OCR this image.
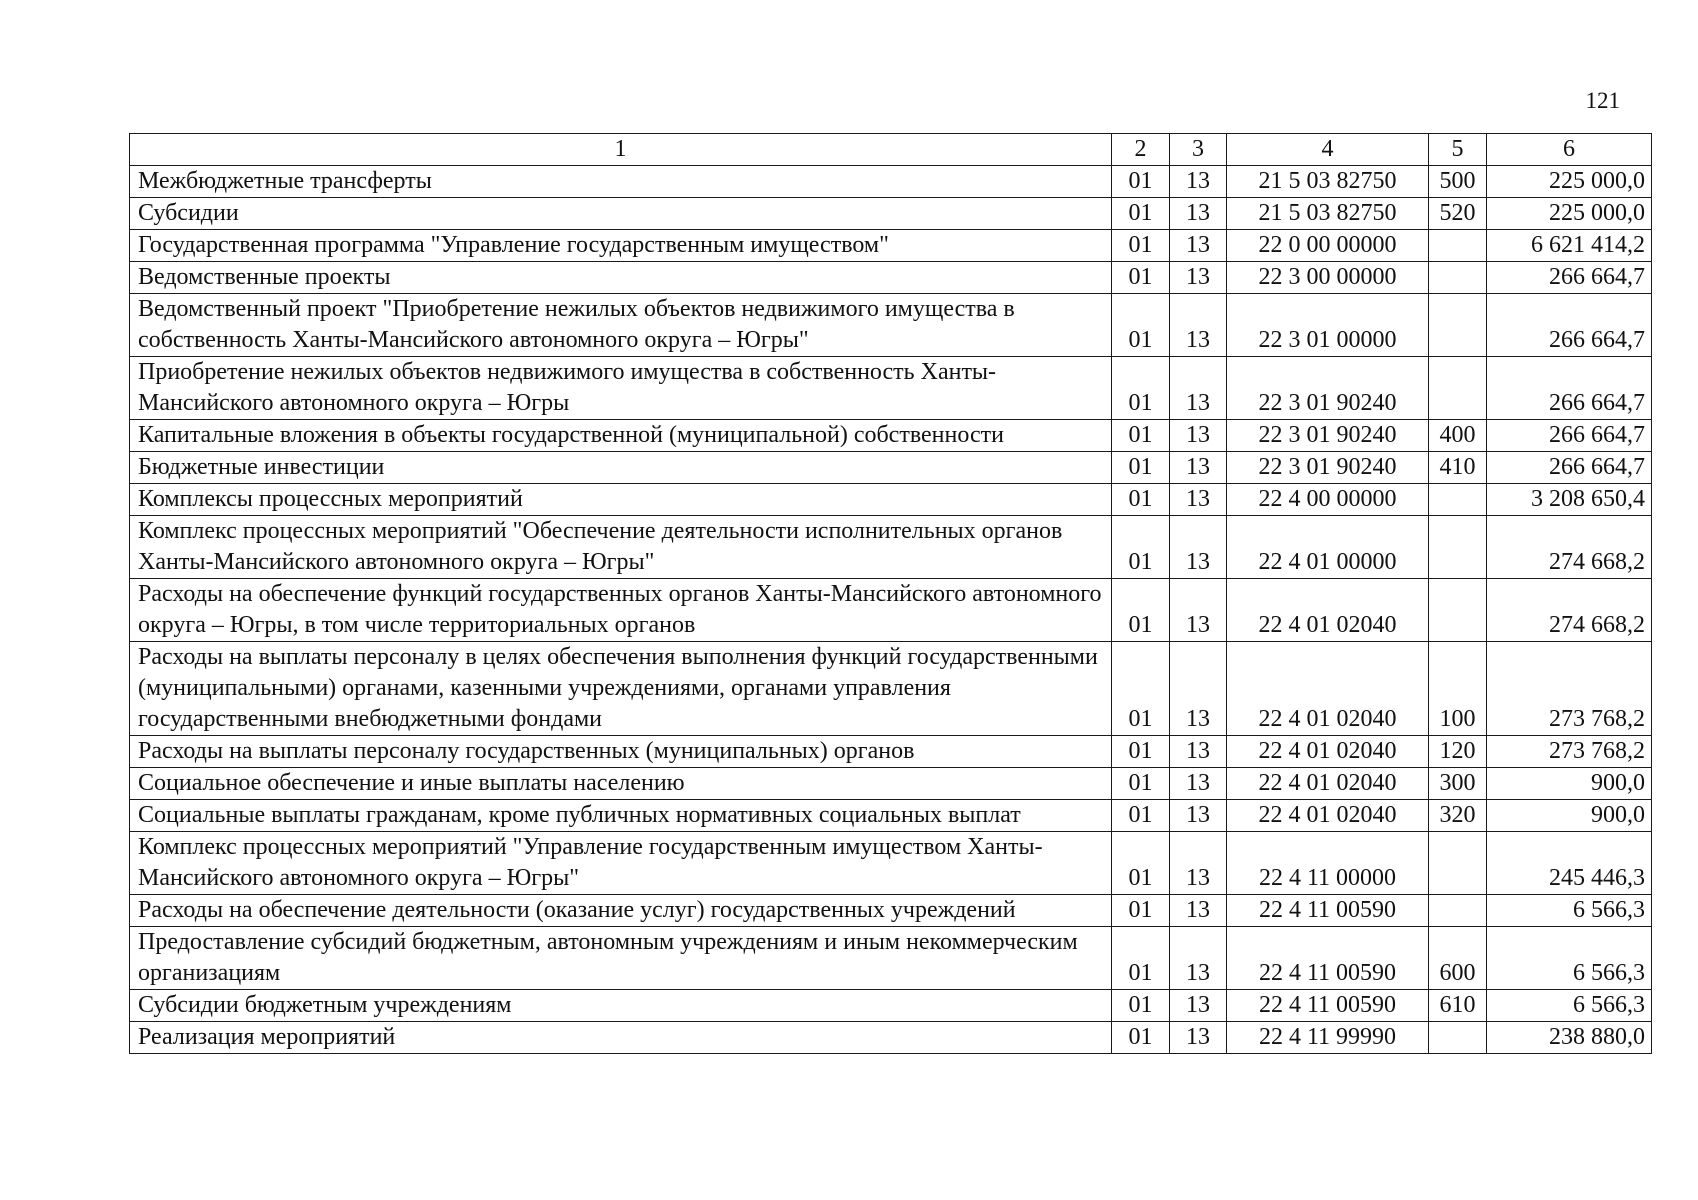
121
1	2	3	4	5	6
Межбюджетные трансферты	01	13	21 5 03 82750	500	225 000,0
Субсидии	01	13	21 5 03 82750	520	225 000,0
Государственная программа "Управление государственным имуществом"	01	13	22 0 00 00000		6 621 414,2
Ведомственные проекты	01	13	22 3 00 00000		266 664,7
Ведомственный проект "Приобретение нежилых объектов недвижимого имущества в собственность Ханты-Мансийского автономного округа – Югры"	01	13	22 3 01 00000		266 664,7
Приобретение нежилых объектов недвижимого имущества в собственность Ханты-Мансийского автономного округа – Югры	01	13	22 3 01 90240		266 664,7
Капитальные вложения в объекты государственной (муниципальной) собственности	01	13	22 3 01 90240	400	266 664,7
Бюджетные инвестиции	01	13	22 3 01 90240	410	266 664,7
Комплексы процессных мероприятий	01	13	22 4 00 00000		3 208 650,4
Комплекс процессных мероприятий "Обеспечение деятельности исполнительных органов Ханты-Мансийского автономного округа – Югры"	01	13	22 4 01 00000		274 668,2
Расходы на обеспечение функций государственных органов Ханты-Мансийского автономного округа – Югры, в том числе территориальных органов	01	13	22 4 01 02040		274 668,2
Расходы на выплаты персоналу в целях обеспечения выполнения функций государственными (муниципальными) органами, казенными учреждениями, органами управления государственными внебюджетными фондами	01	13	22 4 01 02040	100	273 768,2
Расходы на выплаты персоналу государственных (муниципальных) органов	01	13	22 4 01 02040	120	273 768,2
Социальное обеспечение и иные выплаты населению	01	13	22 4 01 02040	300	900,0
Социальные выплаты гражданам, кроме публичных нормативных социальных выплат	01	13	22 4 01 02040	320	900,0
Комплекс процессных мероприятий "Управление государственным имуществом Ханты-Мансийского автономного округа – Югры"	01	13	22 4 11 00000		245 446,3
Расходы на обеспечение деятельности (оказание услуг) государственных учреждений	01	13	22 4 11 00590		6 566,3
Предоставление субсидий бюджетным, автономным учреждениям и иным некоммерческим организациям	01	13	22 4 11 00590	600	6 566,3
Субсидии бюджетным учреждениям	01	13	22 4 11 00590	610	6 566,3
Реализация мероприятий	01	13	22 4 11 99990		238 880,0
